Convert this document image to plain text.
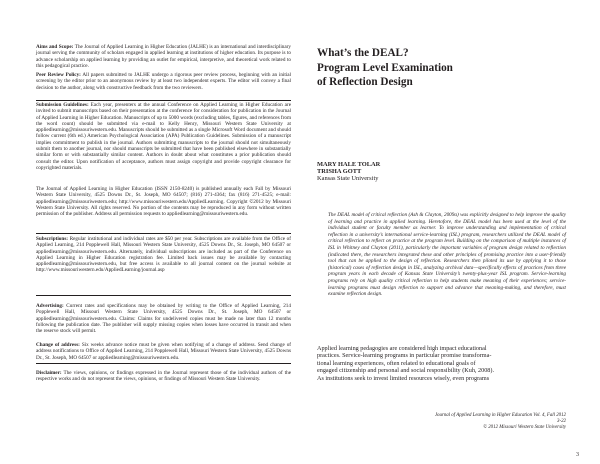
Aims and Scope: The Journal of Applied Learning in Higher Education (JALHE) is an international and interdisciplinary journal serving the community of scholars engaged in applied learning at institutions of higher education. Its purpose is to advance scholarship on applied learning by providing an outlet for empirical, interpretive, and theoretical work related to this pedagogical practice.

Peer Review Policy: All papers submitted to JALHE undergo a rigorous peer review process, beginning with an initial screening by the editor prior to an anonymous review by at least two independent experts. The editor will convey a final decision to the author, along with constructive feedback from the two reviewers.

Submission Guidelines: Each year, presenters at the annual Conference on Applied Learning in Higher Education are invited to submit manuscripts based on their presentation at the conference for consideration for publication in the Journal of Applied Learning in Higher Education. Manuscripts of up to 5000 words (excluding tables, figures, and references from the word count) should be submitted via e-mail to Kelly Henry, Missouri Western State University at appliedlearning@missouriwestern.edu. Manuscripts should be submitted as a single Microsoft Word document and should follow current (6th ed.) American Psychological Association (APA) Publication Guidelines. Submission of a manuscript implies commitment to publish in the journal. Authors submitting manuscripts to the journal should not simultaneously submit them to another journal, nor should manuscripts be submitted that have been published elsewhere in substantially similar form or with substantially similar content. Authors in doubt about what constitutes a prior publication should consult the editor. Upon notification of acceptance, authors must assign copyright and provide copyright clearance for copyrighted materials.

The Journal of Applied Learning in Higher Education (ISSN 2150-8240) is published annually each Fall by Missouri Western State University, 4525 Downs Dr., St. Joseph, MO 64507; (816) 271-4364; fax (816) 271-4525; e-mail: appliedlearning@missouriwestern.edu; http://www.missouriwestern.edu/AppliedLearning. Copyright ©2012 by Missouri Western State University. All rights reserved. No portion of the contents may be reproduced in any form without written permission of the publisher. Address all permission requests to appliedlearning@missouriwestern.edu.

Subscriptions: Regular institutional and individual rates are $50 per year. Subscriptions are available from the Office of Applied Learning, 214 Popplewell Hall, Missouri Western State University, 4525 Downs Dr., St. Joseph, MO 64507 or appliedlearning@missouriwestern.edu. Alternately, individual subscriptions are included as part of the Conference on Applied Learning in Higher Education registration fee. Limited back issues may be available by contacting appliedlearning@missouriwestern.edu, but free access is available to all journal content on the journal website at http://www.missouriwestern.edu/AppliedLearning/journal.asp

Advertising: Current rates and specifications may be obtained by writing to the Office of Applied Learning, 214 Popplewell Hall, Missouri Western State University, 4525 Downs Dr., St. Joseph, MO 64507 or appliedlearning@missouriwestern.edu. Claims: Claims for undelivered copies must be made no later than 12 months following the publication date. The publisher will supply missing copies when losses have occurred in transit and when the reserve stock will permit.

Change of address: Six weeks advance notice must be given when notifying of a change of address. Send change of address notifications to Office of Applied Learning, 214 Popplewell Hall, Missouri Western State University, 4525 Downs Dr., St. Joseph, MO 64507 or appliedlearning@missouriwestern.edu.

Disclaimer: The views, opinions, or findings expressed in the Journal represent those of the individual authors of the respective works and do not represent the views, opinions, or findings of Missouri Western State University.

What’s the DEAL?
Program Level Examination
of Reflection Design
MARY HALE TOLAR
TRISHA GOTT
Kansas State University

The DEAL model of critical reflection (Ash & Clayton, 2009a) was explicitly designed to help improve the quality of learning and practice in applied learning. Heretofore, the DEAL model has been used at the level of the individual student or faculty member as learner. To improve understanding and implementation of critical reflection in a university’s international service-learning (ISL) program, researchers utilized the DEAL model of critical reflection to reflect on practice at the program level. Building on the comparison of multiple instances of ISL in Whitney and Clayton (2011), particularly the important variables of program design related to reflection (indicated there, the researchers integrated these and other principles of promising practice into a user-friendly tool that can be applied to the design of reflection. Researchers then piloted its use by applying it to those (historical) cases of reflection design in ISL, analyzing archival data—specifically effects of practices from three program years in each decade of Kansas State University’s twenty-plus-year ISL program. Service-learning programs rely on high quality critical reflection to help students make meaning of their experiences; service-learning programs must design reflection to support and advance that meaning-making, and therefore, must examine reflection design.

Applied learning pedagogies are considered high impact educational
practices. Service-learning programs in particular promise transforma-
tional learning experiences, often related to educational goals of
engaged citizenship and personal and social responsibility (Kuh, 2008).
As institutions seek to invest limited resources wisely, even programs

Journal of Applied Learning in Higher Education Vol. 4, Fall 2012 3-22
© 2012 Missouri Western State University
3
